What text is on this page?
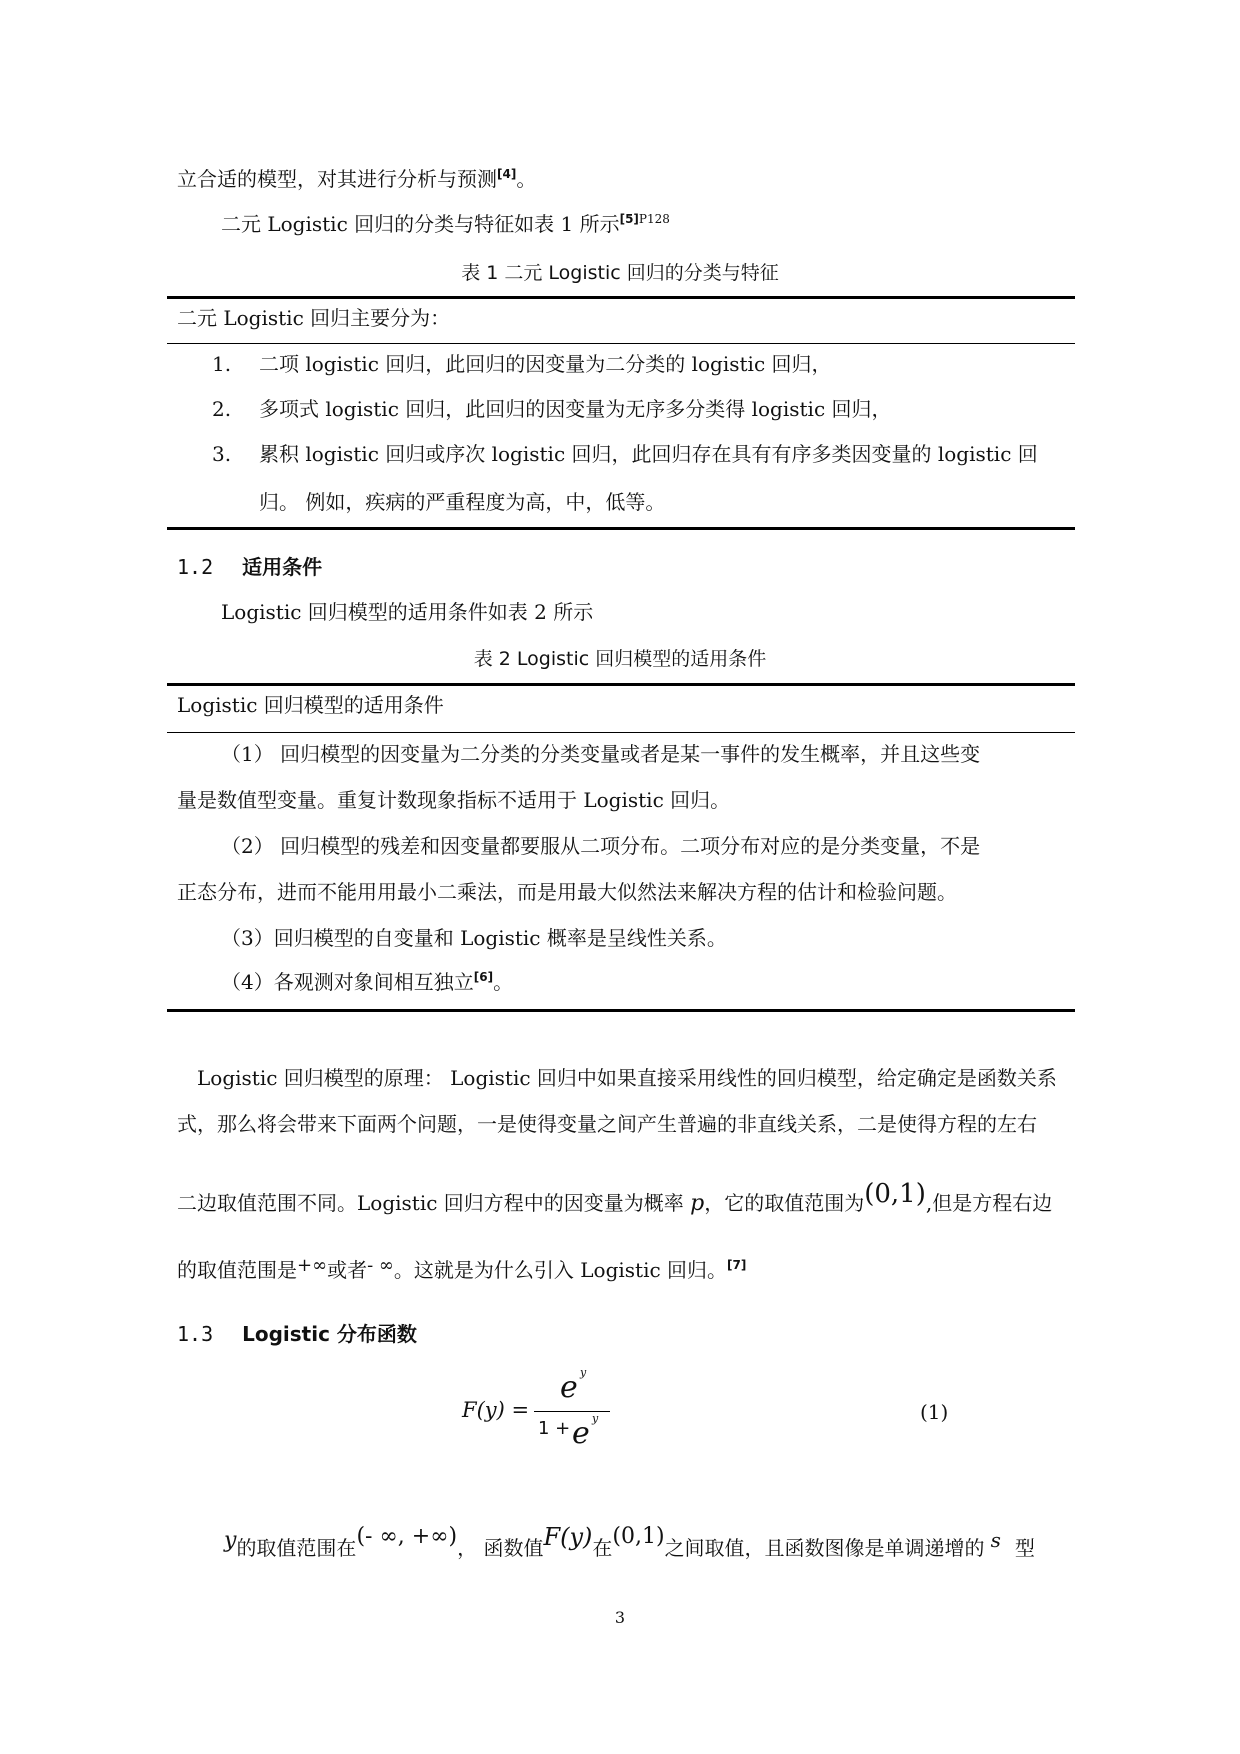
立合适的模型，对其进行分析与预测[4]。
二元 Logistic 回归的分类与特征如表 1 所示$^{[5]P128}$
表 1 二元 Logistic 回归的分类与特征
二元 Logistic 回归主要分为：
1. 二项 logistic 回归，此回归的因变量为二分类的 logistic 回归，
2. 多项式 logistic 回归，此回归的因变量为无序多分类得 logistic 回归，
3. 累积 logistic 回归或序次 logistic 回归，此回归存在具有有序多类因变量的 logistic 回
归。 例如，疾病的严重程度为高，中，低等。
1.2 适用条件
Logistic 回归模型的适用条件如表 2 所示
表 2 Logistic 回归模型的适用条件
Logistic 回归模型的适用条件
（1） 回归模型的因变量为二分类的分类变量或者是某一事件的发生概率，并且这些变
量是数值型变量。重复计数现象指标不适用于 Logistic 回归。
（2） 回归模型的残差和因变量都要服从二项分布。二项分布对应的是分类变量，不是
正态分布，进而不能用用最小二乘法，而是用最大似然法来解决方程的估计和检验问题。
（3）回归模型的自变量和 Logistic 概率是呈线性关系。
（4）各观测对象间相互独立[6]。
Logistic 回归模型的原理： Logistic 回归中如果直接采用线性的回归模型，给定确定是函数关系
式，那么将会带来下面两个问题，一是使得变量之间产生普遍的非直线关系，二是使得方程的左右
二边取值范围不同。Logistic 回归方程中的因变量为概率 p，它的取值范围为(0,1),但是方程右边
的取值范围是+∞或者- ∞。这就是为什么引入 Logistic 回归。[7]
1.3 Logistic 分布函数
F(y) =
e y
1 + e y	(1)
y的取值范围在(- ∞, +∞)， 函数值F(y)在(0,1)之间取值，且函数图像是单调递增的 s 型
3
